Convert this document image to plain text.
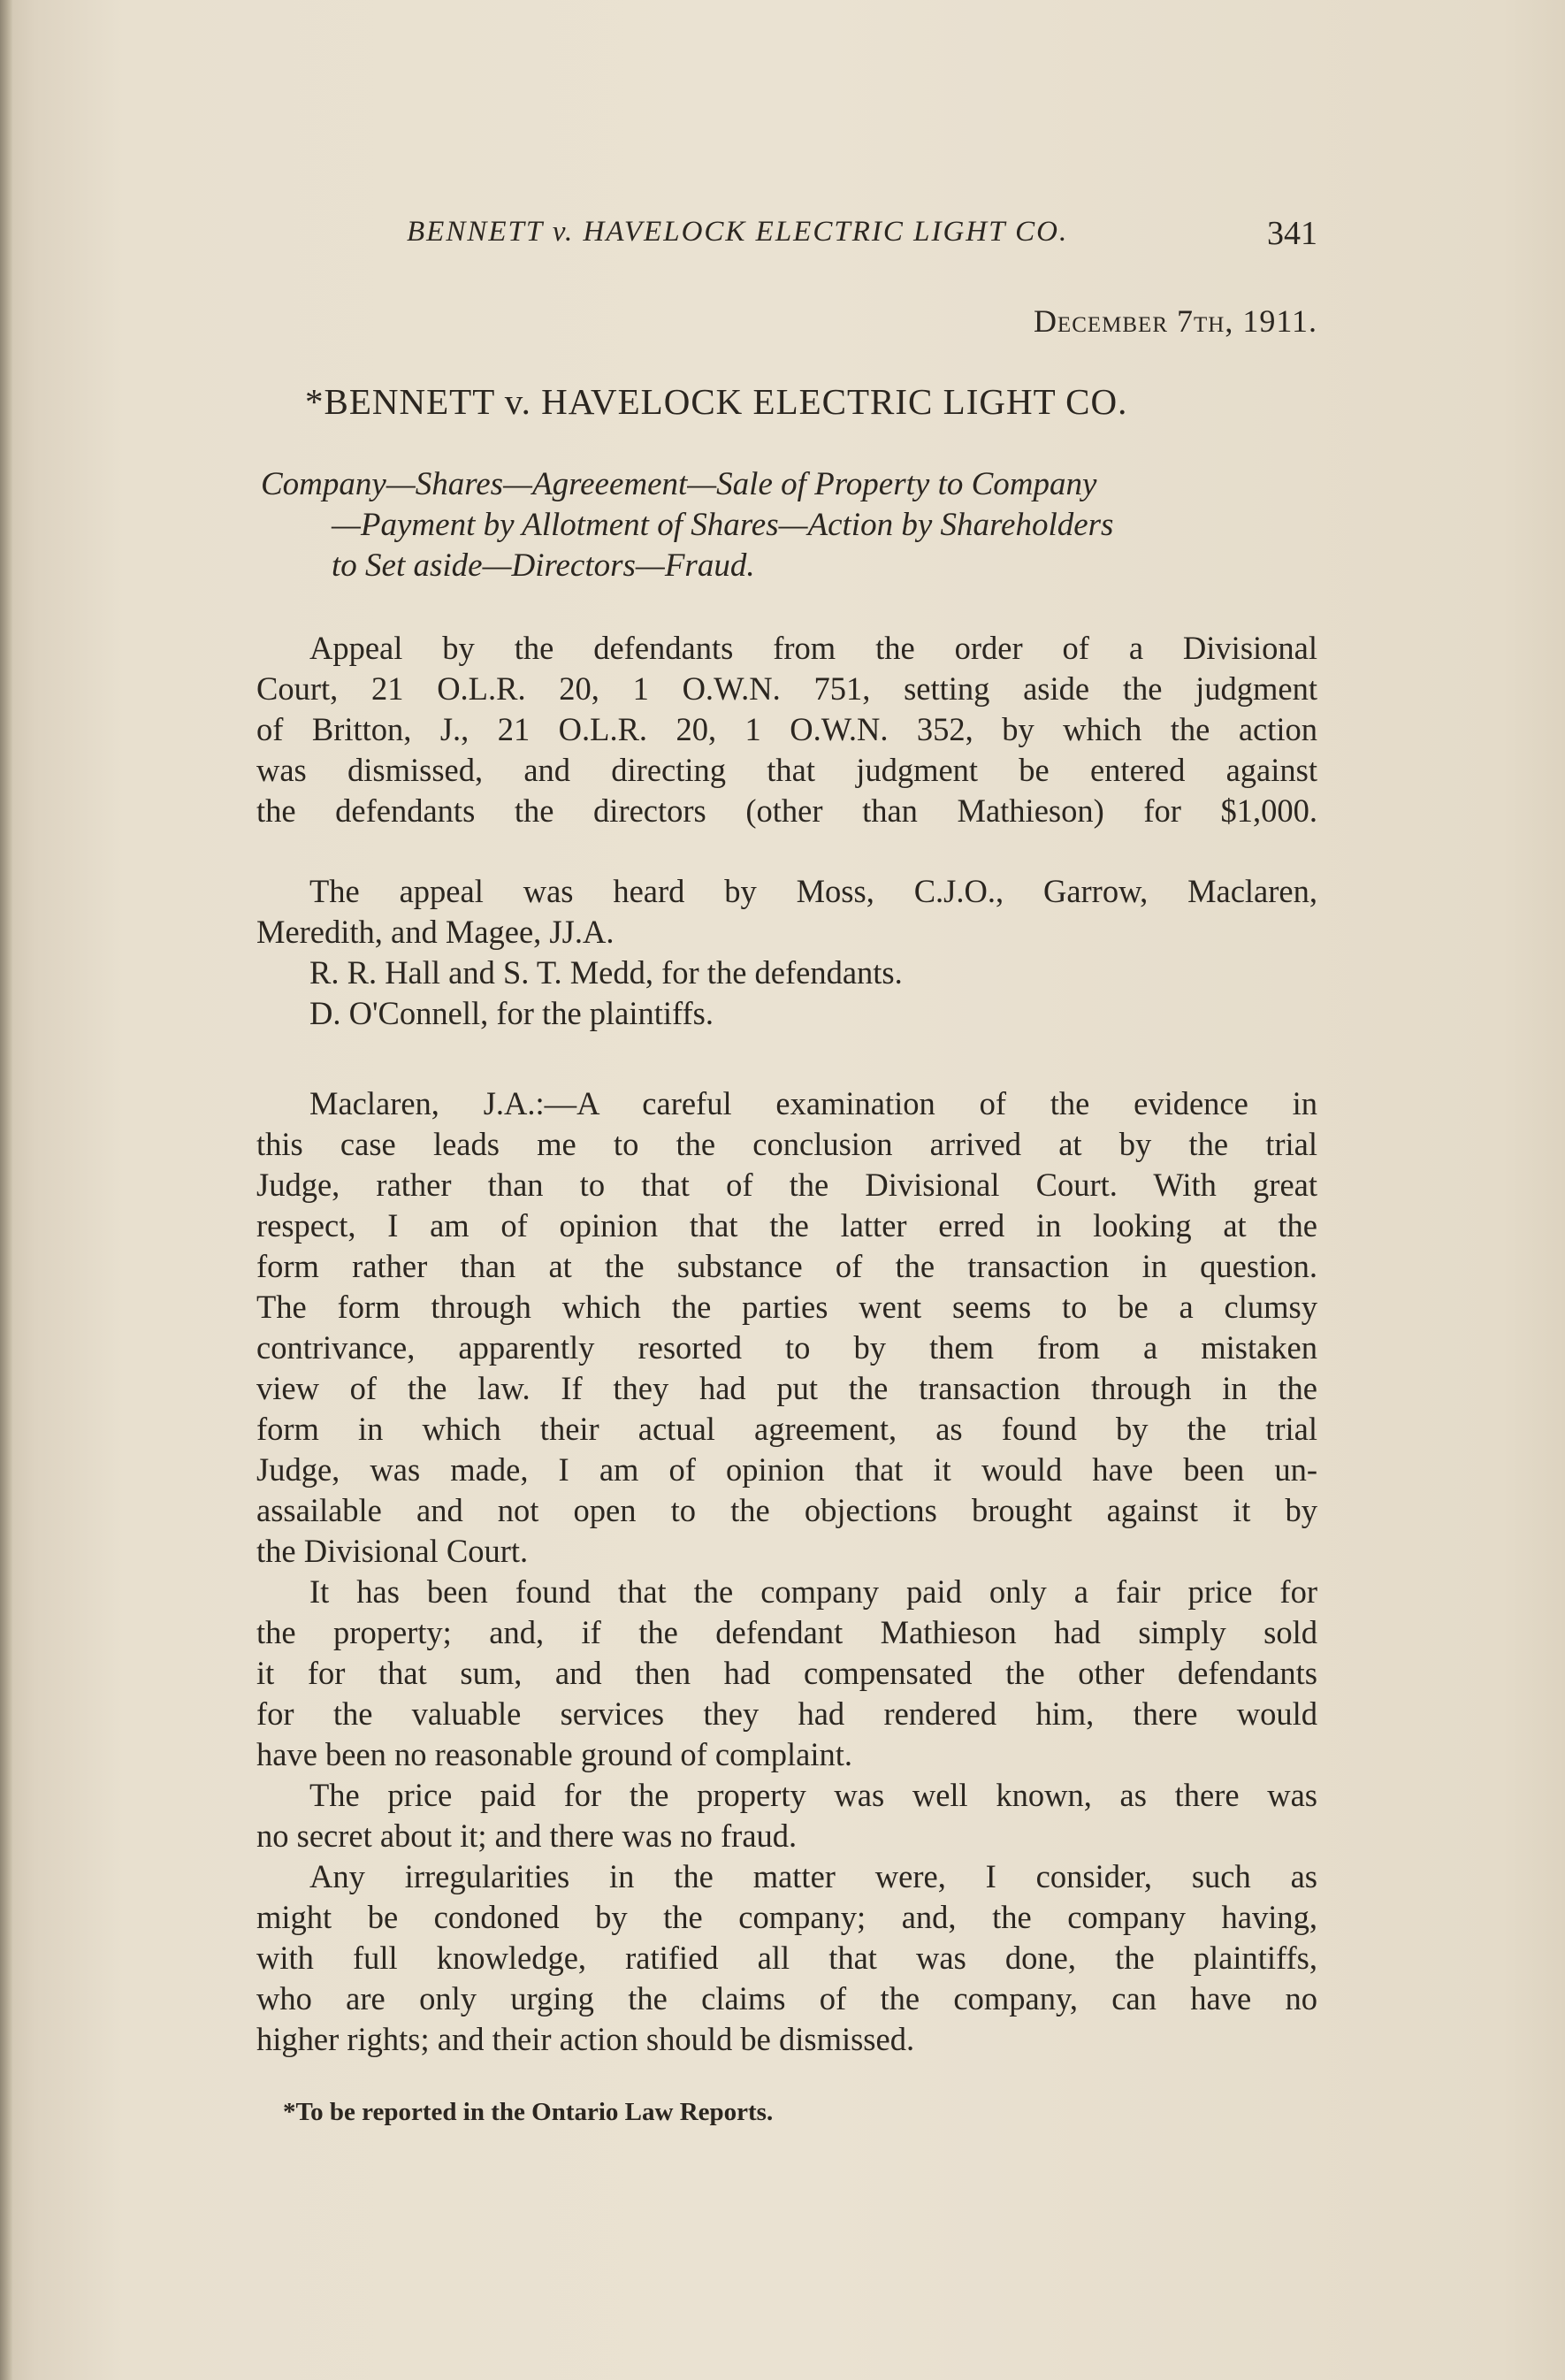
BENNETT v. HAVELOCK ELECTRIC LIGHT CO.	341
December 7th, 1911.
*BENNETT v. HAVELOCK ELECTRIC LIGHT CO.
Company—Shares—Agreeement—Sale of Property to Company
—Payment by Allotment of Shares—Action by Shareholders
to Set aside—Directors—Fraud.
Appeal by the defendants from the order of a Divisional
Court, 21 O.L.R. 20, 1 O.W.N. 751, setting aside the judgment
of Britton, J., 21 O.L.R. 20, 1 O.W.N. 352, by which the action
was dismissed, and directing that judgment be entered against
the defendants the directors (other than Mathieson) for $1,000.
The appeal was heard by Moss, C.J.O., Garrow, Maclaren,
Meredith, and Magee, JJ.A.
R. R. Hall and S. T. Medd, for the defendants.
D. O'Connell, for the plaintiffs.
Maclaren, J.A.:—A careful examination of the evidence in
this case leads me to the conclusion arrived at by the trial
Judge, rather than to that of the Divisional Court. With great
respect, I am of opinion that the latter erred in looking at the
form rather than at the substance of the transaction in question.
The form through which the parties went seems to be a clumsy
contrivance, apparently resorted to by them from a mistaken
view of the law. If they had put the transaction through in the
form in which their actual agreement, as found by the trial
Judge, was made, I am of opinion that it would have been un-
assailable and not open to the objections brought against it by
the Divisional Court.
It has been found that the company paid only a fair price for
the property; and, if the defendant Mathieson had simply sold
it for that sum, and then had compensated the other defendants
for the valuable services they had rendered him, there would
have been no reasonable ground of complaint.
The price paid for the property was well known, as there was
no secret about it; and there was no fraud.
Any irregularities in the matter were, I consider, such as
might be condoned by the company; and, the company having,
with full knowledge, ratified all that was done, the plaintiffs,
who are only urging the claims of the company, can have no
higher rights; and their action should be dismissed.
*To be reported in the Ontario Law Reports.
